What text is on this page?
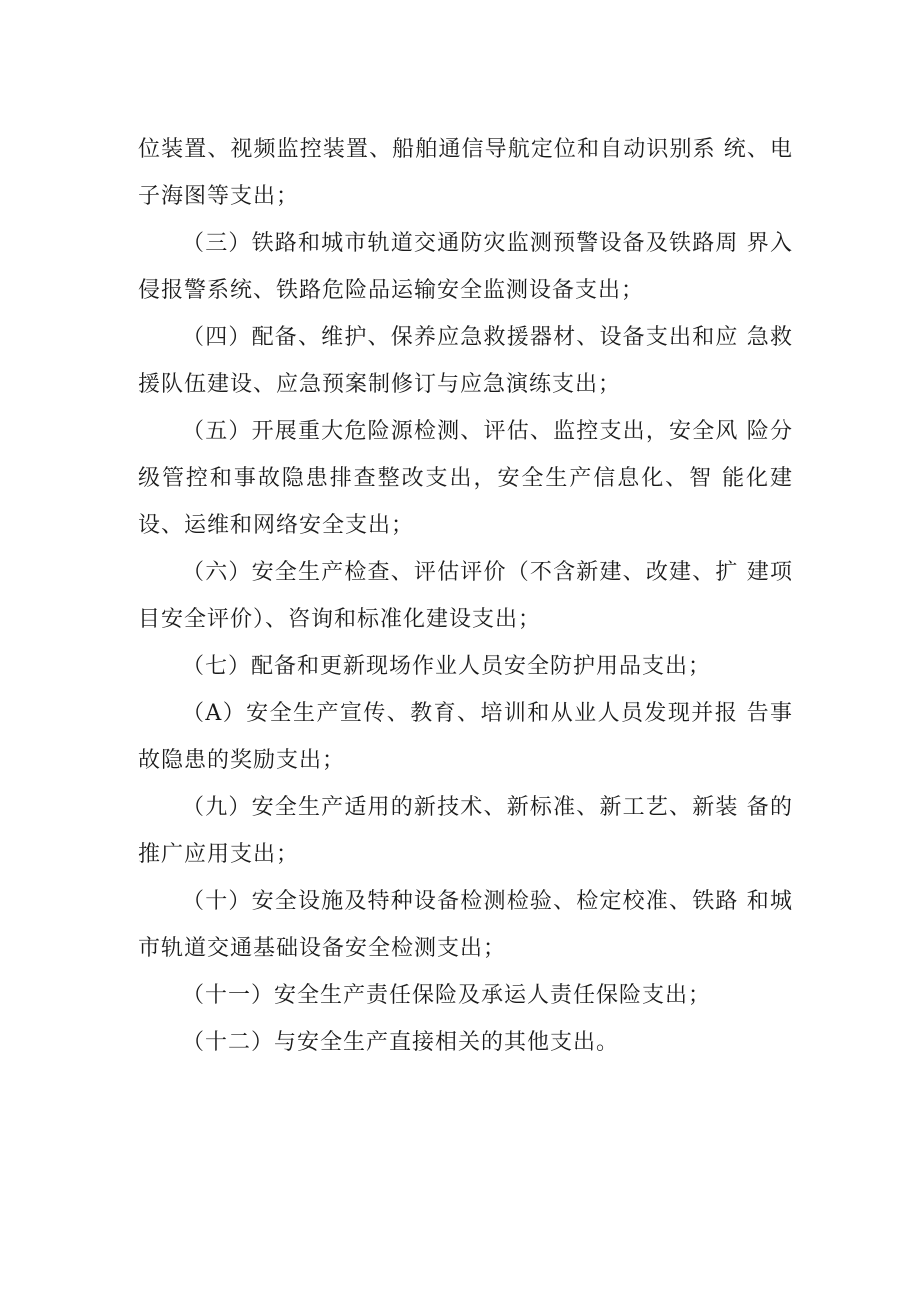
位装置、视频监控装置、船舶通信导航定位和自动识别系 统、电子海图等支出；

（三）铁路和城市轨道交通防灾监测预警设备及铁路周 界入侵报警系统、铁路危险品运输安全监测设备支出；

（四）配备、维护、保养应急救援器材、设备支出和应 急救援队伍建设、应急预案制修订与应急演练支出；

（五）开展重大危险源检测、评估、监控支出，安全风 险分级管控和事故隐患排查整改支出，安全生产信息化、智 能化建设、运维和网络安全支出；

（六）安全生产检查、评估评价（不含新建、改建、扩 建项目安全评价）、咨询和标准化建设支出；

（七）配备和更新现场作业人员安全防护用品支出；

（A）安全生产宣传、教育、培训和从业人员发现并报 告事故隐患的奖励支出；

（九）安全生产适用的新技术、新标准、新工艺、新装 备的推广应用支出；

（十）安全设施及特种设备检测检验、检定校准、铁路 和城市轨道交通基础设备安全检测支出；

（十一）安全生产责任保险及承运人责任保险支出；

（十二）与安全生产直接相关的其他支出。
